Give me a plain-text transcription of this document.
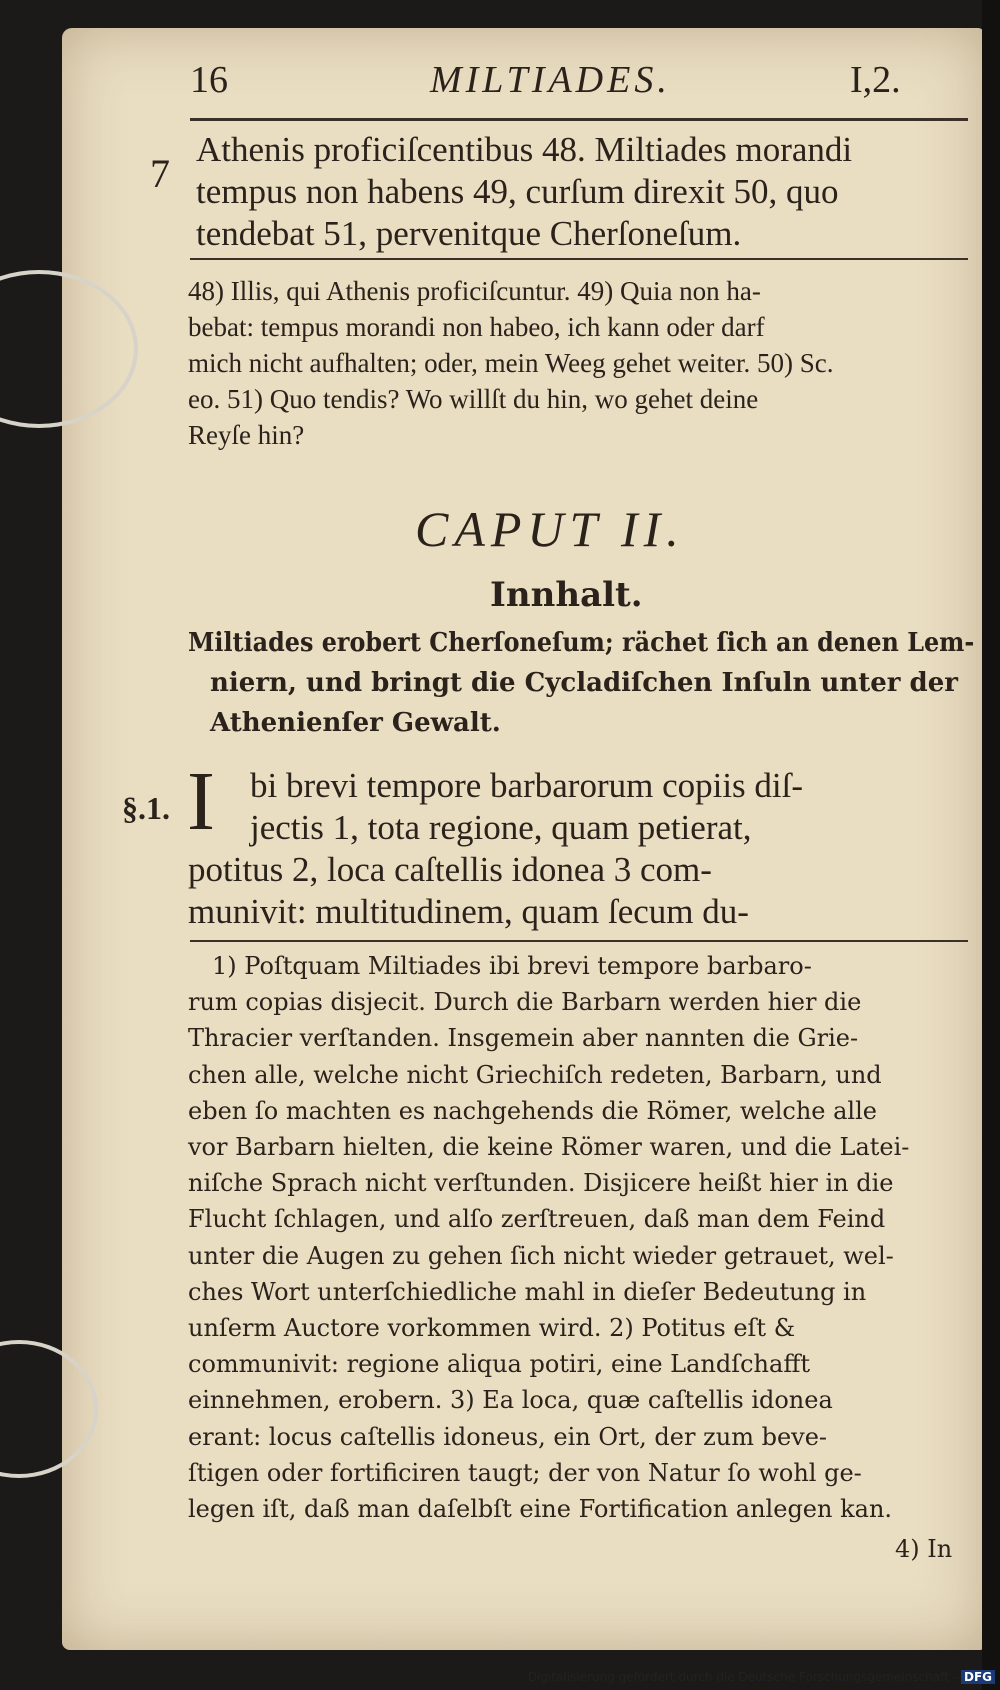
16	MILTIADES.	I,2.
7
Athenis proficiſcentibus 48. Miltiades morandi
tempus non habens 49, curſum direxit 50, quo
tendebat 51, pervenitque Cherſoneſum.
48) Illis, qui Athenis proficiſcuntur. 49) Quia non ha-
bebat: tempus morandi non habeo, ich kann oder darf
mich nicht aufhalten; oder, mein Weeg gehet weiter. 50) Sc.
eo. 51) Quo tendis? Wo willſt du hin, wo gehet deine
Reyſe hin?
CAPUT II.
Innhalt.
Miltiades erobert Cherſoneſum; rächet ſich an denen Lem-
niern, und bringt die Cycladiſchen Inſuln unter der
Athenienſer Gewalt.
§.1. I bi brevi tempore barbarorum copiis diſ-
jectis 1, tota regione, quam petierat,
potitus 2, loca caſtellis idonea 3 com-
munivit: multitudinem, quam ſecum du-
1) Poſtquam Miltiades ibi brevi tempore barbaro-
rum copias disjecit. Durch die Barbarn werden hier die
Thracier verſtanden. Insgemein aber nannten die Grie-
chen alle, welche nicht Griechiſch redeten, Barbarn, und
eben ſo machten es nachgehends die Römer, welche alle
vor Barbarn hielten, die keine Römer waren, und die Latei-
niſche Sprach nicht verſtunden. Disjicere heißt hier in die
Flucht ſchlagen, und alſo zerſtreuen, daß man dem Feind
unter die Augen zu gehen ſich nicht wieder getrauet, wel-
ches Wort unterſchiedliche mahl in dieſer Bedeutung in
unſerm Auctore vorkommen wird. 2) Potitus eſt &
communivit: regione aliqua potiri, eine Landſchafft
einnehmen, erobern. 3) Ea loca, quæ caſtellis idonea
erant: locus caſtellis idoneus, ein Ort, der zum beve-
ſtigen oder fortificiren taugt; der von Natur ſo wohl ge-
legen iſt, daß man daſelbſt eine Fortification anlegen kan.
4) In
Digitalisierung gefördert durch die Deutsche Forschungsgemeinschaft - DFG
